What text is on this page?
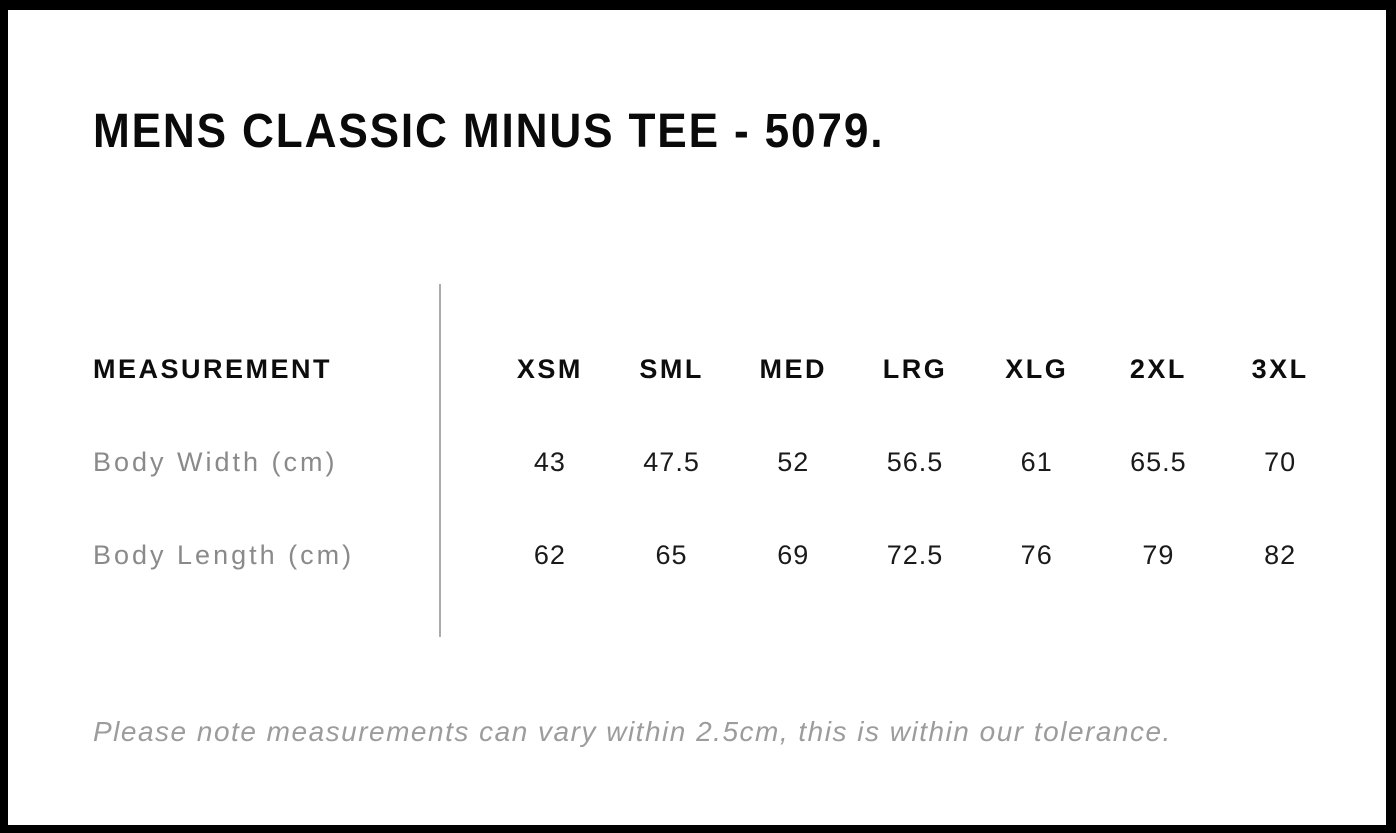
MENS CLASSIC MINUS TEE - 5079.
MEASUREMENT	XSM	SML	MED	LRG	XLG	2XL	3XL
Body Width (cm)	43	47.5	52	56.5	61	65.5	70
Body Length (cm)	62	65	69	72.5	76	79	82

Please note measurements can vary within 2.5cm, this is within our tolerance.
